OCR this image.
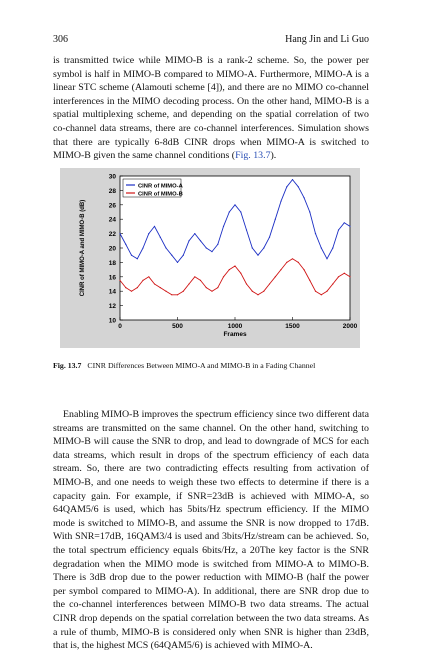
306	Hang Jin and Li Guo

is transmitted twice while MIMO-B is a rank-2 scheme. So, the power per symbol is half in MIMO-B compared to MIMO-A. Furthermore, MIMO-A is a linear STC scheme (Alamouti scheme [4]), and there are no MIMO co-channel interferences in the MIMO decoding process. On the other hand, MIMO-B is a spatial multiplexing scheme, and depending on the spatial correlation of two co-channel data streams, there are co-channel interferences. Simulation shows that there are typically 6-8dB CINR drops when MIMO-A is switched to MIMO-B given the same channel conditions (Fig. 13.7).

10
12
14
16
18
20
22
24
26
28
30
0	500	1000	1500	2000
Frames
CINR of MIMO-A and MIMO-B (dB)
CINR of MIMO-A
CINR of MIMO-B
Fig. 13.7 CINR Differences Between MIMO-A and MIMO-B in a Fading Channel

Enabling MIMO-B improves the spectrum efficiency since two different data streams are transmitted on the same channel. On the other hand, switching to MIMO-B will cause the SNR to drop, and lead to downgrade of MCS for each data streams, which result in drops of the spectrum efficiency of each data stream. So, there are two contradicting effects resulting from activation of MIMO-B, and one needs to weigh these two effects to determine if there is a capacity gain. For example, if SNR=23dB is achieved with MIMO-A, so 64QAM5/6 is used, which has 5bits/Hz spectrum efficiency. If the MIMO mode is switched to MIMO-B, and assume the SNR is now dropped to 17dB. With SNR=17dB, 16QAM3/4 is used and 3bits/Hz/stream can be achieved. So, the total spectrum efficiency equals 6bits/Hz, a 20The key factor is the SNR degradation when the MIMO mode is switched from MIMO-A to MIMO-B. There is 3dB drop due to the power reduction with MIMO-B (half the power per symbol compared to MIMO-A). In additional, there are SNR drop due to the co-channel interferences between MIMO-B two data streams. The actual CINR drop depends on the spatial correlation between the two data streams. As a rule of thumb, MIMO-B is considered only when SNR is higher than 23dB, that is, the highest MCS (64QAM5/6) is achieved with MIMO-A.
